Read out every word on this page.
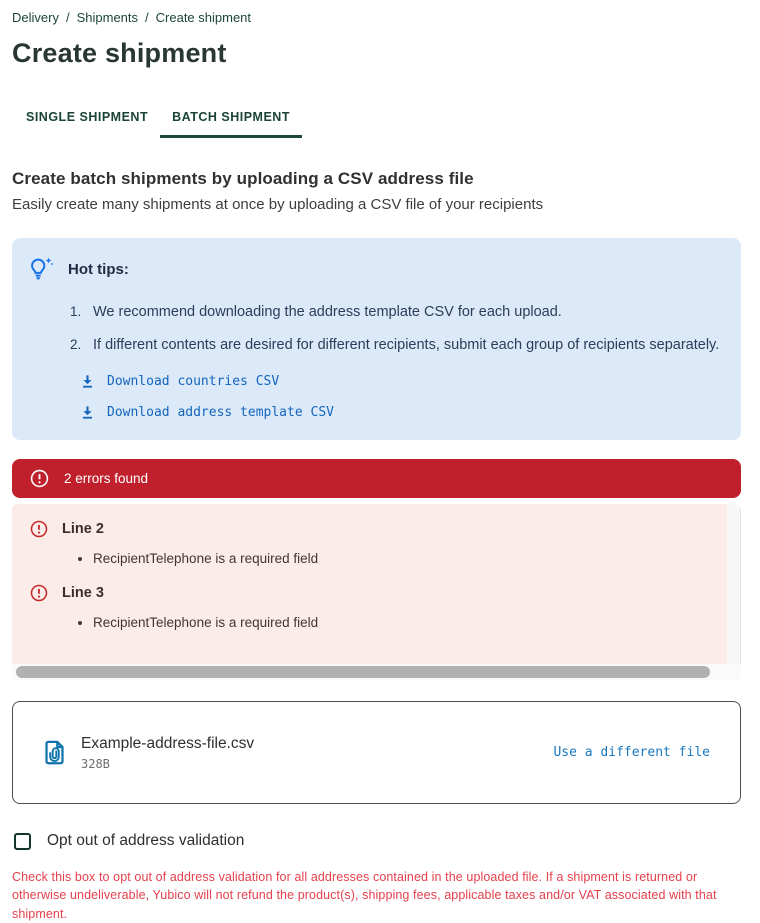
Delivery / Shipments / Create shipment
Create shipment
SINGLE SHIPMENT	BATCH SHIPMENT
Create batch shipments by uploading a CSV address file

Easily create many shipments at once by uploading a CSV file of your recipients

Hot tips:
1. We recommend downloading the address template CSV for each upload.
2. If different contents are desired for different recipients, submit each group of recipients separately.
Download countries CSV
Download address template CSV
2 errors found
Line 2
• RecipientTelephone is a required field
Line 3
• RecipientTelephone is a required field
Example-address-file.csv
328B
Use a different file
Opt out of address validation

Check this box to opt out of address validation for all addresses contained in the uploaded file. If a shipment is returned or otherwise undeliverable, Yubico will not refund the product(s), shipping fees, applicable taxes and/or VAT associated with that shipment.
